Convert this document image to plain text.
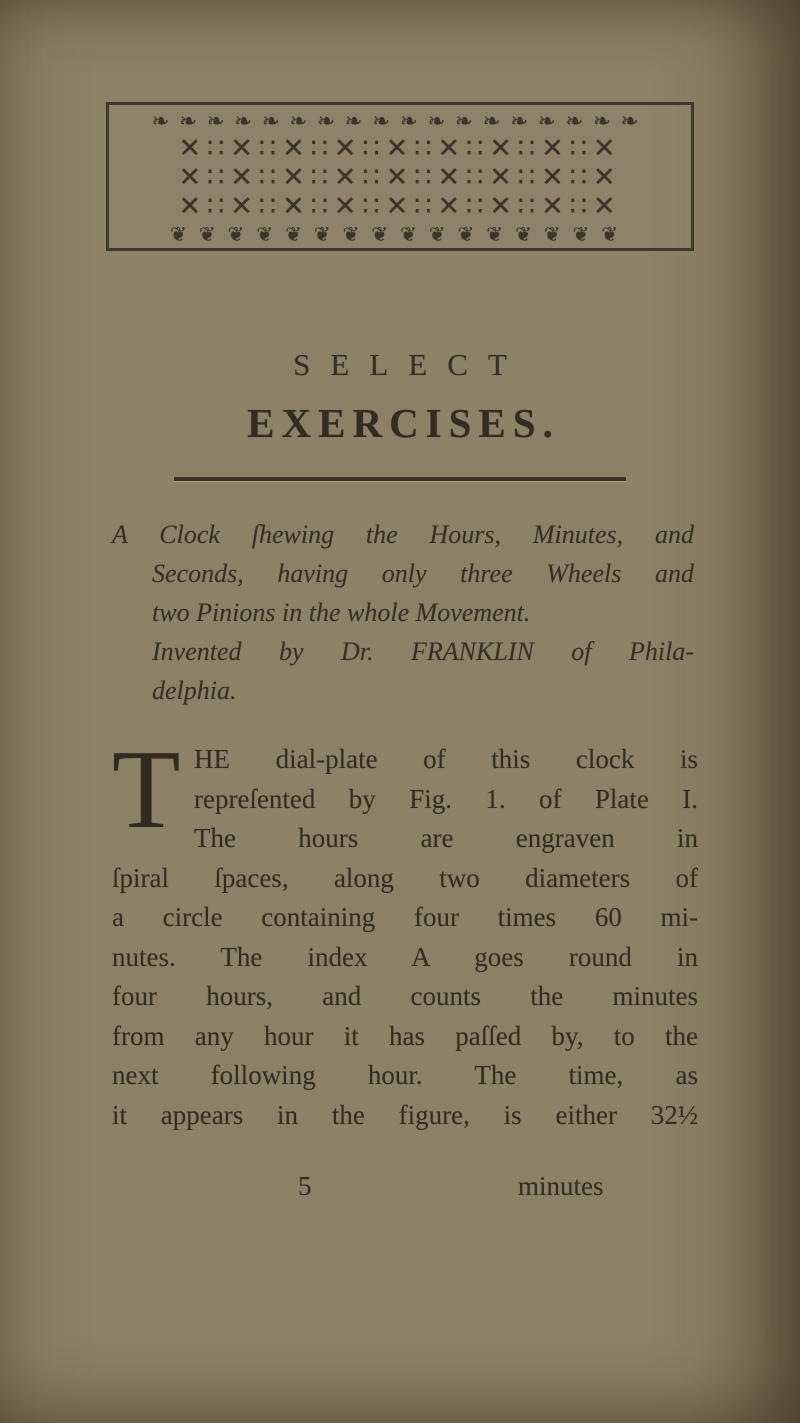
❧❧❧❧❧❧❧❧❧❧❧❧❧❧❧❧❧❧
✕∷✕∷✕∷✕∷✕∷✕∷✕∷✕∷✕
✕∷✕∷✕∷✕∷✕∷✕∷✕∷✕∷✕
✕∷✕∷✕∷✕∷✕∷✕∷✕∷✕∷✕
❦❦❦❦❦❦❦❦❦❦❦❦❦❦❦❦
SELECT
EXERCISES.
A Clock ſhewing the Hours, Minutes, and
Seconds, having only three Wheels and
two Pinions in the whole Movement.
Invented by Dr. FRANKLIN of Phila-
delphia.
T HE dial-plate of this clock is
repreſented by Fig. 1. of Plate I.
The hours are engraven in
ſpiral ſpaces, along two diameters of
a circle containing four times 60 mi-
nutes. The index A goes round in
four hours, and counts the minutes
from any hour it has paſſed by, to the
next following hour. The time, as
it appears in the figure, is either 32½
5	minutes
